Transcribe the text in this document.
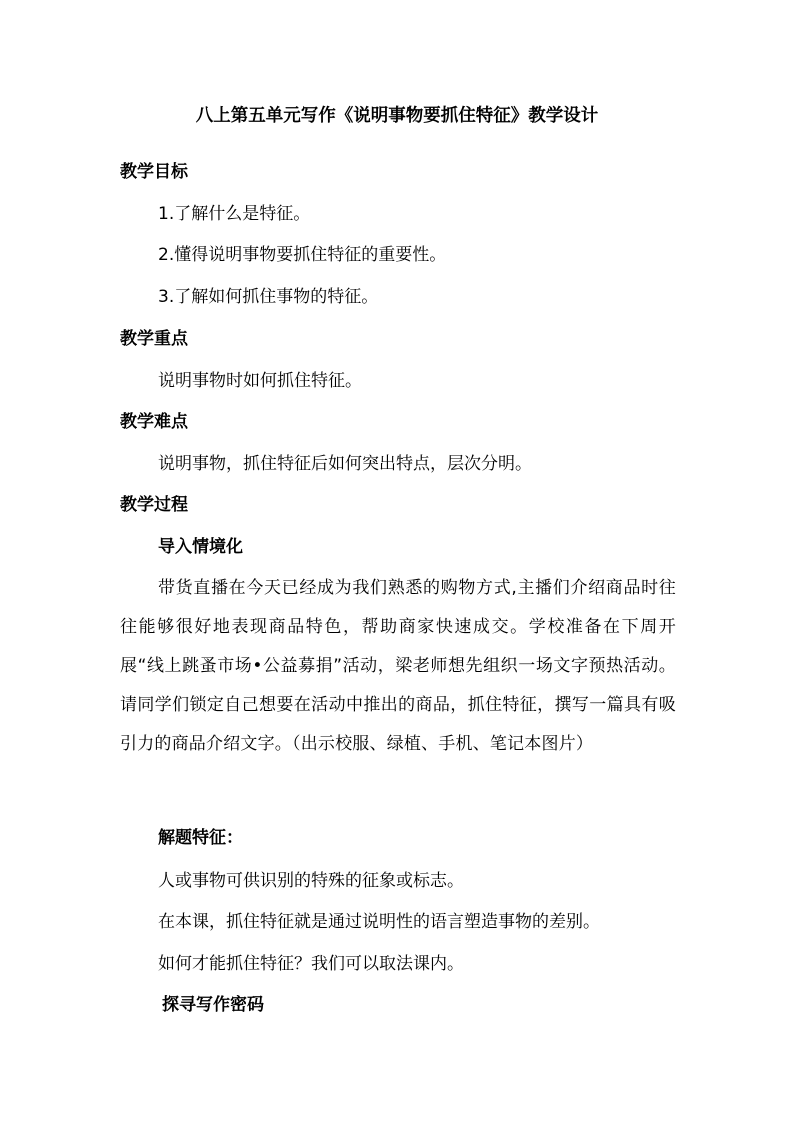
八上第五单元写作《说明事物要抓住特征》教学设计
教学目标
1.了解什么是特征。
2.懂得说明事物要抓住特征的重要性。
3.了解如何抓住事物的特征。
教学重点
说明事物时如何抓住特征。
教学难点
说明事物，抓住特征后如何突出特点，层次分明。
教学过程
导入情境化
带货直播在今天已经成为我们熟悉的购物方式,主播们介绍商品时往往能够很好地表现商品特色，帮助商家快速成交。学校准备在下周开展“线上跳蚤市场•公益募捐”活动，梁老师想先组织一场文字预热活动。请同学们锁定自己想要在活动中推出的商品，抓住特征，撰写一篇具有吸引力的商品介绍文字。（出示校服、绿植、手机、笔记本图片）
解题特征：
人或事物可供识别的特殊的征象或标志。
在本课，抓住特征就是通过说明性的语言塑造事物的差别。
如何才能抓住特征？我们可以取法课内。
探寻写作密码
